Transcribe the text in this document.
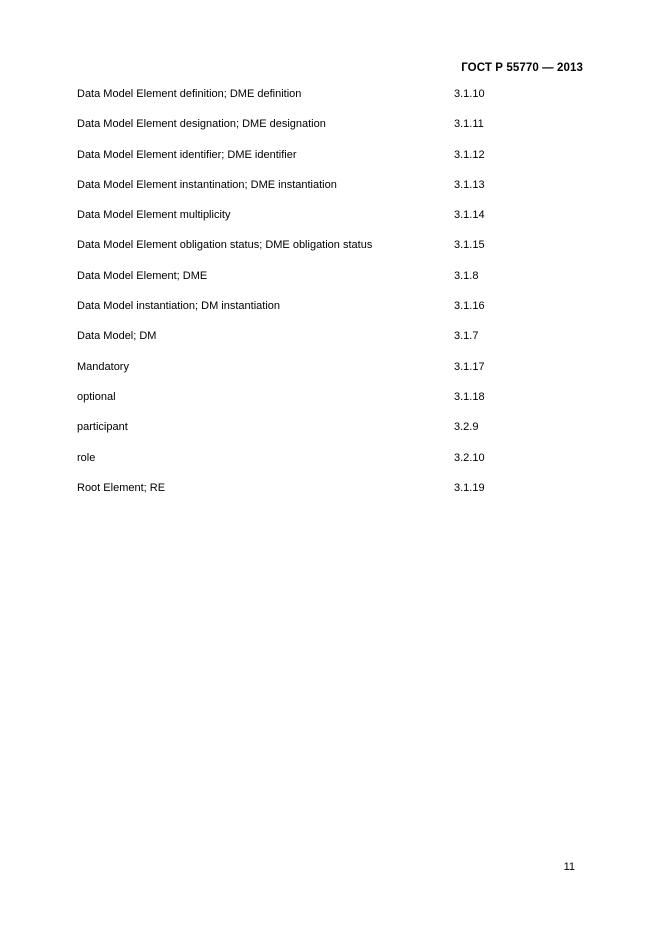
ГОСТ Р 55770 — 2013
Data Model Element definition; DME definition	3.1.10
Data Model Element designation; DME designation	3.1.11
Data Model Element identifier; DME identifier	3.1.12
Data Model Element instantination; DME instantiation	3.1.13
Data Model Element multiplicity	3.1.14
Data Model Element obligation status; DME obligation status	3.1.15
Data Model Element; DME	3.1.8
Data Model instantiation; DM instantiation	3.1.16
Data Model; DM	3.1.7
Mandatory	3.1.17
optional	3.1.18
participant	3.2.9
role	3.2.10
Root Element; RE	3.1.19
11
